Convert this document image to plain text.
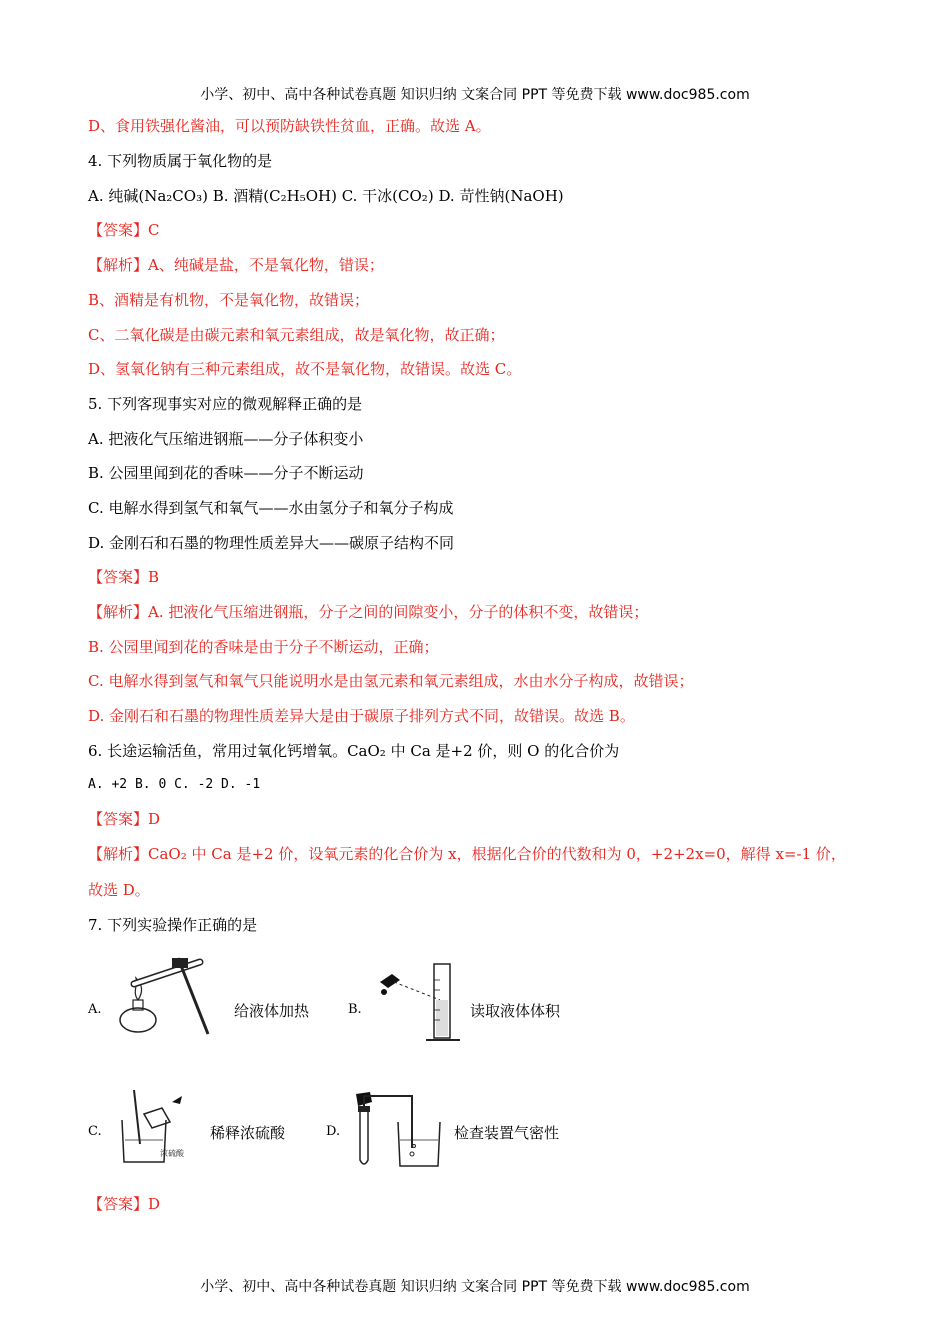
小学、初中、高中各种试卷真题 知识归纳 文案合同 PPT 等免费下载 www.doc985.com
D、食用铁强化酱油，可以预防缺铁性贫血，正确。故选 A。
4. 下列物质属于氧化物的是
A. 纯碱(Na₂CO₃) B. 酒精(C₂H₅OH) C. 干冰(CO₂) D. 苛性钠(NaOH)
【答案】C
【解析】A、纯碱是盐，不是氧化物，错误；
B、酒精是有机物，不是氧化物，故错误；
C、二氧化碳是由碳元素和氧元素组成，故是氧化物，故正确；
D、氢氧化钠有三种元素组成，故不是氧化物，故错误。故选 C。
5. 下列客现事实对应的微观解释正确的是
A. 把液化气压缩进钢瓶——分子体积变小
B. 公园里闻到花的香味——分子不断运动
C. 电解水得到氢气和氧气——水由氢分子和氧分子构成
D. 金刚石和石墨的物理性质差异大——碳原子结构不同
【答案】B
【解析】A. 把液化气压缩进钢瓶，分子之间的间隙变小，分子的体积不变，故错误；
B. 公园里闻到花的香味是由于分子不断运动，正确；
C. 电解水得到氢气和氧气只能说明水是由氢元素和氧元素组成，水由水分子构成，故错误；
D. 金刚石和石墨的物理性质差异大是由于碳原子排列方式不同，故错误。故选 B。
6. 长途运输活鱼，常用过氧化钙增氧。CaO₂ 中 Ca 是+2 价，则 O 的化合价为
A. +2 B. 0 C. -2 D. -1
【答案】D
【解析】CaO₂ 中 Ca 是+2 价，设氧元素的化合价为 x，根据化合价的代数和为 0，+2+2x=0，解得 x=-1 价，
故选 D。
7. 下列实验操作正确的是
A.	给液体加热	B.	读取液体体积
C.
浓硫酸
稀释浓硫酸	D.	检查装置气密性
【答案】D
小学、初中、高中各种试卷真题 知识归纳 文案合同 PPT 等免费下载 www.doc985.com
